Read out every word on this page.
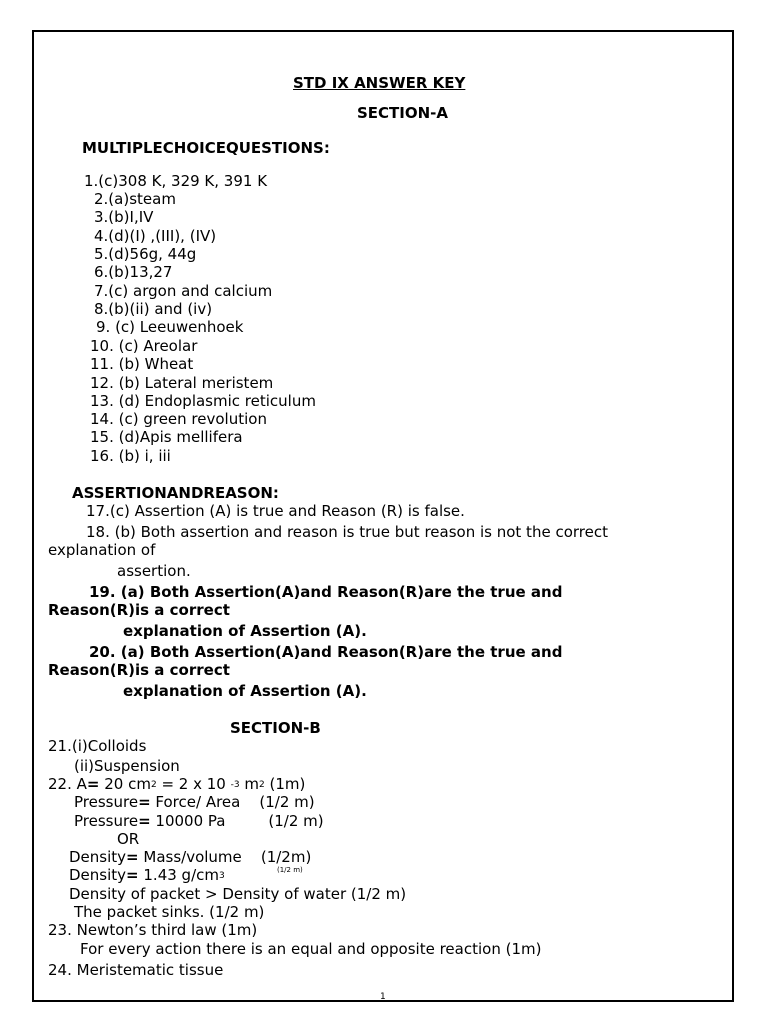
STD IX ANSWER KEY
SECTION-A
MULTIPLECHOICEQUESTIONS:
1.(c)308 K, 329 K, 391 K
2.(a)steam
3.(b)I,IV
4.(d)(I) ,(III), (IV)
5.(d)56g, 44g
6.(b)13,27
7.(c) argon and calcium
8.(b)(ii) and (iv)
9. (c) Leeuwenhoek
10. (c) Areolar
11. (b) Wheat
12. (b) Lateral meristem
13. (d) Endoplasmic reticulum
14. (c) green revolution
15. (d)Apis mellifera
16. (b) i, iii
ASSERTIONANDREASON:
17.(c) Assertion (A) is true and Reason (R) is false.
18. (b) Both assertion and reason is true but reason is not the correct
explanation of
assertion.
19. (a) Both Assertion(A)and Reason(R)are the true and
Reason(R)is a correct
explanation of Assertion (A).
20. (a) Both Assertion(A)and Reason(R)are the true and
Reason(R)is a correct
explanation of Assertion (A).
SECTION-B
21.(i)Colloids
(ii)Suspension
22. A= 20 $cm^2 = 2$ x 10 $^{-3}$ $m^2$ (1m)
Pressure= Force/ Area    (1/2 m)
Pressure= 10000 Pa         (1/2 m)
OR
Density= Mass/volume    (1/2m)
Density= 1.43 $g/cm^3$
(1/2 m)
Density of packet > Density of water (1/2 m)
The packet sinks. (1/2 m)
23. Newton’s third law (1m)
For every action there is an equal and opposite reaction (1m)
24. Meristematic tissue
1
